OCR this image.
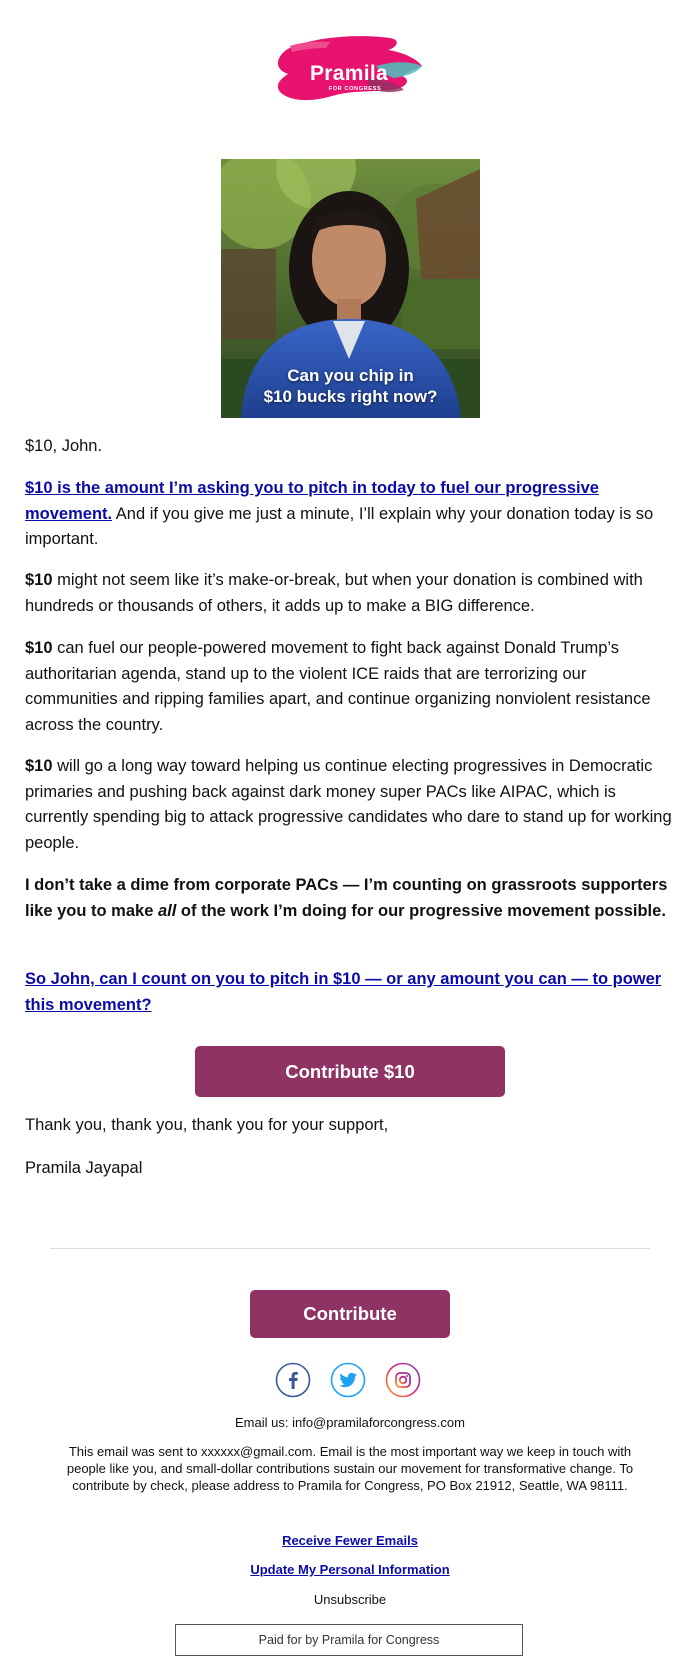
Pramila
FOR CONGRESS
Can you chip in
$10 bucks right now?

$10, John.

$10 is the amount I’m asking you to pitch in today to fuel our progressive movement. And if you give me just a minute, I’ll explain why your donation today is so important.

$10 might not seem like it’s make-or-break, but when your donation is combined with hundreds or thousands of others, it adds up to make a BIG difference.

$10 can fuel our people-powered movement to fight back against Donald Trump’s authoritarian agenda, stand up to the violent ICE raids that are terrorizing our communities and ripping families apart, and continue organizing nonviolent resistance across the country.

$10 will go a long way toward helping us continue electing progressives in Democratic primaries and pushing back against dark money super PACs like AIPAC, which is currently spending big to attack progressive candidates who dare to stand up for working people.

I don’t take a dime from corporate PACs — I’m counting on grassroots supporters like you to make all of the work I’m doing for our progressive movement possible.

So John, can I count on you to pitch in $10 — or any amount you can — to power this movement?

Thank you, thank you, thank you for your support,

Pramila Jayapal

Contribute $10
Contribute
Email us: info@pramilaforcongress.com
This email was sent to xxxxxx@gmail.com. Email is the most important way we keep in touch with people like you, and small-dollar contributions sustain our movement for transformative change. To contribute by check, please address to Pramila for Congress, PO Box 21912, Seattle, WA 98111.
Receive Fewer Emails
Update My Personal Information
Unsubscribe
Paid for by Pramila for Congress
